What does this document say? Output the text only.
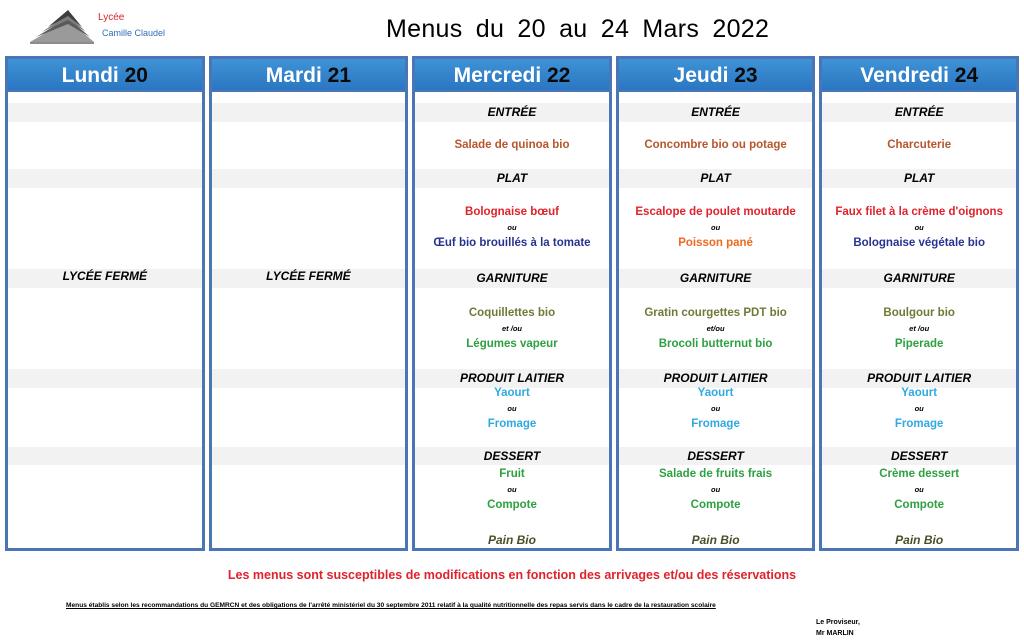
Lycée
Camille Claudel	Menus du 20 au 24 Mars 2022
Lundi 20
LYCÉE FERMÉ
Mardi 21
LYCÉE FERMÉ
Mercredi 22
ENTRÉE
Salade de quinoa bio
PLAT
Bolognaise bœuf
ou
Œuf bio brouillés à la tomate
GARNITURE
Coquillettes bio
et /ou
Légumes vapeur
PRODUIT LAITIER
Yaourt
ou
Fromage
DESSERT
Fruit
ou
Compote
Pain Bio
Jeudi 23
ENTRÉE
Concombre bio ou potage
PLAT
Escalope de poulet moutarde
ou
Poisson pané
GARNITURE
Gratin courgettes PDT bio
et/ou
Brocoli butternut bio
PRODUIT LAITIER
Yaourt
ou
Fromage
DESSERT
Salade de fruits frais
ou
Compote
Pain Bio
Vendredi 24
ENTRÉE
Charcuterie
PLAT
Faux filet à la crème d'oignons
ou
Bolognaise végétale bio
GARNITURE
Boulgour bio
et /ou
Piperade
PRODUIT LAITIER
Yaourt
ou
Fromage
DESSERT
Crème dessert
ou
Compote
Pain Bio
Les menus sont susceptibles de modifications en fonction des arrivages et/ou des réservations
Menus établis selon les recommandations du GEMRCN et des obligations de l'arrêté ministériel du 30 septembre 2011 relatif à la qualité nutritionnelle des repas servis dans le cadre de la restauration scolaire
Le Proviseur,
Mr MARLIN
